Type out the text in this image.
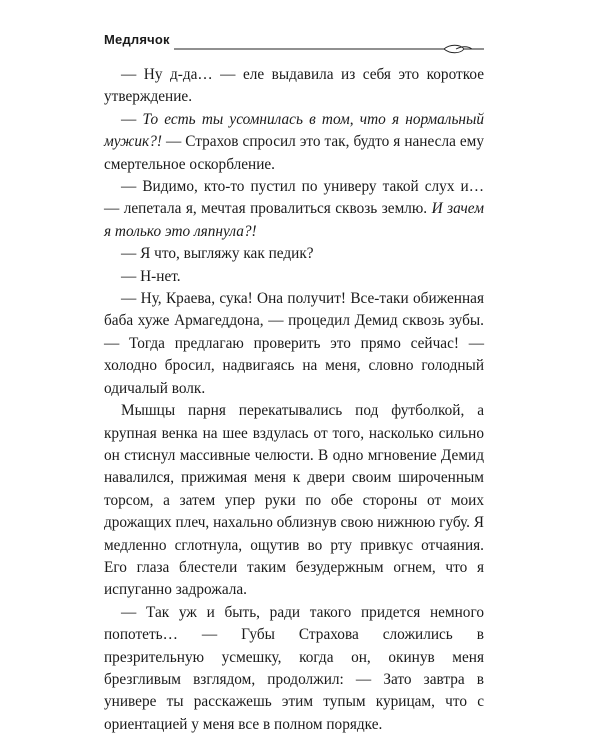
Медлячок

— Ну д-да… — еле выдавила из себя это короткое утверждение.

— То есть ты усомнилась в том, что я нормальный мужик?! — Страхов спросил это так, будто я нанесла ему смертельное оскорбление.

— Видимо, кто-то пустил по универу такой слух и… — лепетала я, мечтая провалиться сквозь землю. И зачем я только это ляпнула?!

— Я что, выгляжу как педик?

— Н-нет.

— Ну, Краева, сука! Она получит! Все-таки обиженная баба хуже Армагеддона, — процедил Демид сквозь зубы. — Тогда предлагаю проверить это прямо сейчас! — холодно бросил, надвигаясь на меня, словно голодный одичалый волк.

Мышцы парня перекатывались под футболкой, а крупная венка на шее вздулась от того, насколько сильно он стиснул массивные челюсти. В одно мгновение Демид навалился, прижимая меня к двери своим широченным торсом, а затем упер руки по обе стороны от моих дрожащих плеч, нахально облизнув свою нижнюю губу. Я медленно сглотнула, ощутив во рту привкус отчаяния. Его глаза блестели таким безудержным огнем, что я испуганно задрожала.

— Так уж и быть, ради такого придется немного попотеть… — Губы Страхова сложились в презрительную усмешку, когда он, окинув меня брезгливым взглядом, продолжил: — Зато завтра в универе ты расскажешь этим тупым курицам, что с ориентацией у меня все в полном порядке.
